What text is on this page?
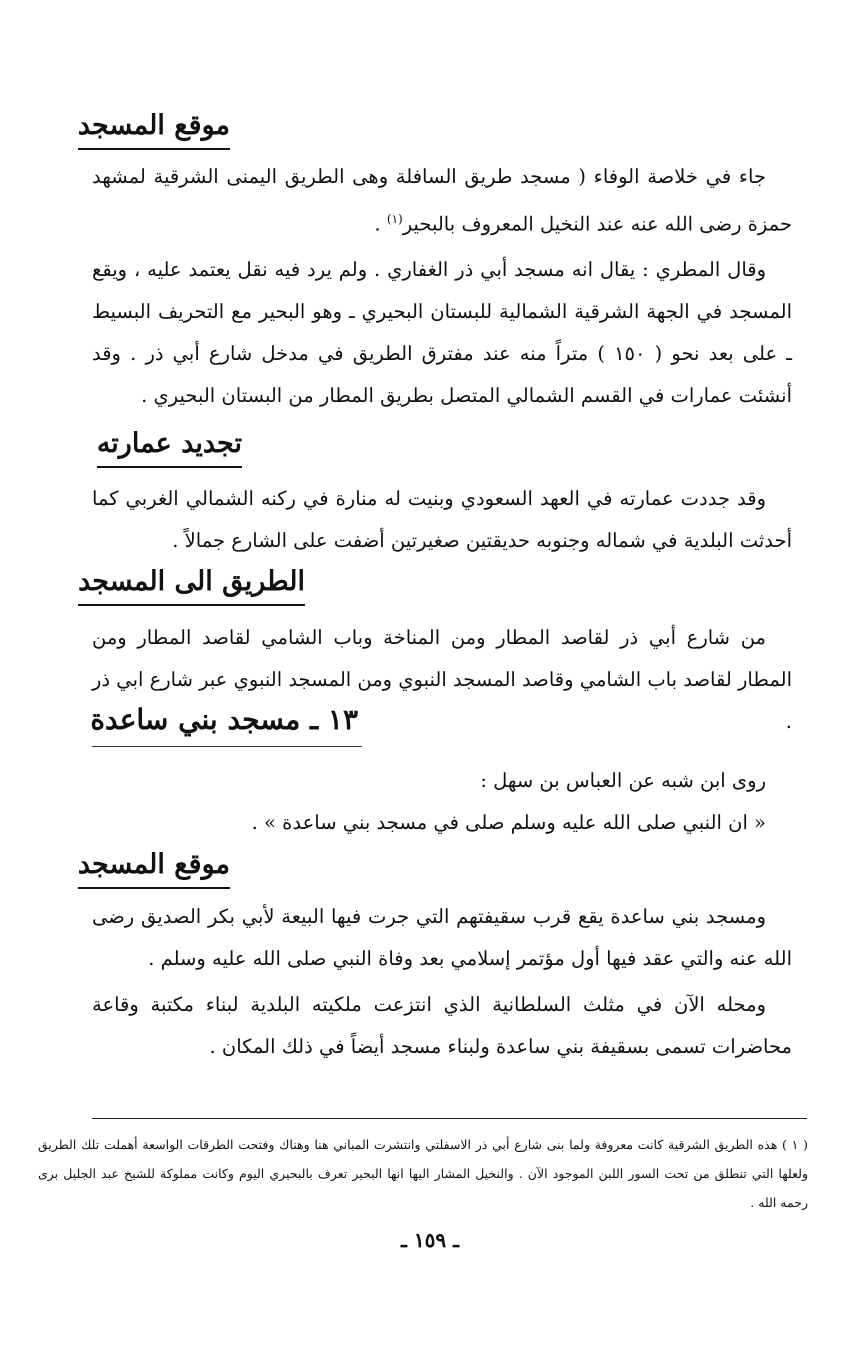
موقع المسجد
جاء في خلاصة الوفاء ( مسجد طريق السافلة وهى الطريق اليمنى الشرقية لمشهد حمزة رضى الله عنه عند النخيل المعروف بالبحير$^{(١)}$ .
وقال المطري : يقال انه مسجد أبي ذر الغفاري . ولم يرد فيه نقل يعتمد عليه ، ويقع المسجد في الجهة الشرقية الشمالية للبستان البحيري ـ وهو البحير مع التحريف البسيط ـ على بعد نحو ( ١٥٠ ) متراً منه عند مفترق الطريق في مدخل شارع أبي ذر . وقد أنشئت عمارات في القسم الشمالي المتصل بطريق المطار من البستان البحيري .
تجديد عمارته
وقد جددت عمارته في العهد السعودي وبنيت له منارة في ركنه الشمالي الغربي كما أحدثت البلدية في شماله وجنوبه حديقتين صغيرتين أضفت على الشارع جمالاً .
الطريق الى المسجد
من شارع أبي ذر لقاصد المطار ومن المناخة وباب الشامي لقاصد المطار ومن المطار لقاصد باب الشامي وقاصد المسجد النبوي ومن المسجد النبوي عبر شارع ابي ذر .
١٣ ـ مسجد بني ساعدة
روى ابن شبه عن العباس بن سهل :
« ان النبي صلى الله عليه وسلم صلى في مسجد بني ساعدة » .
موقع المسجد
ومسجد بني ساعدة يقع قرب سقيفتهم التي جرت فيها البيعة لأبي بكر الصديق رضى الله عنه والتي عقد فيها أول مؤتمر إسلامي بعد وفاة النبي صلى الله عليه وسلم .
ومحله الآن في مثلث السلطانية الذي انتزعت ملكيته البلدية لبناء مكتبة وقاعة محاضرات تسمى بسقيفة بني ساعدة ولبناء مسجد أيضاً في ذلك المكان .
( ١ ) هذه الطريق الشرقية كانت معروفة ولما بنى شارع أبي ذر الاسفلتي وانتشرت المباني هنا وهناك وفتحت الطرقات الواسعة أهملت تلك الطريق ولعلها التي تنطلق من تحت السور اللبن الموجود الآن . والنخيل المشار اليها انها البحير تعرف بالبحيري اليوم وكانت مملوكة للشيخ عبد الجليل برى رحمه الله .
ـ ١٥٩ ـ
